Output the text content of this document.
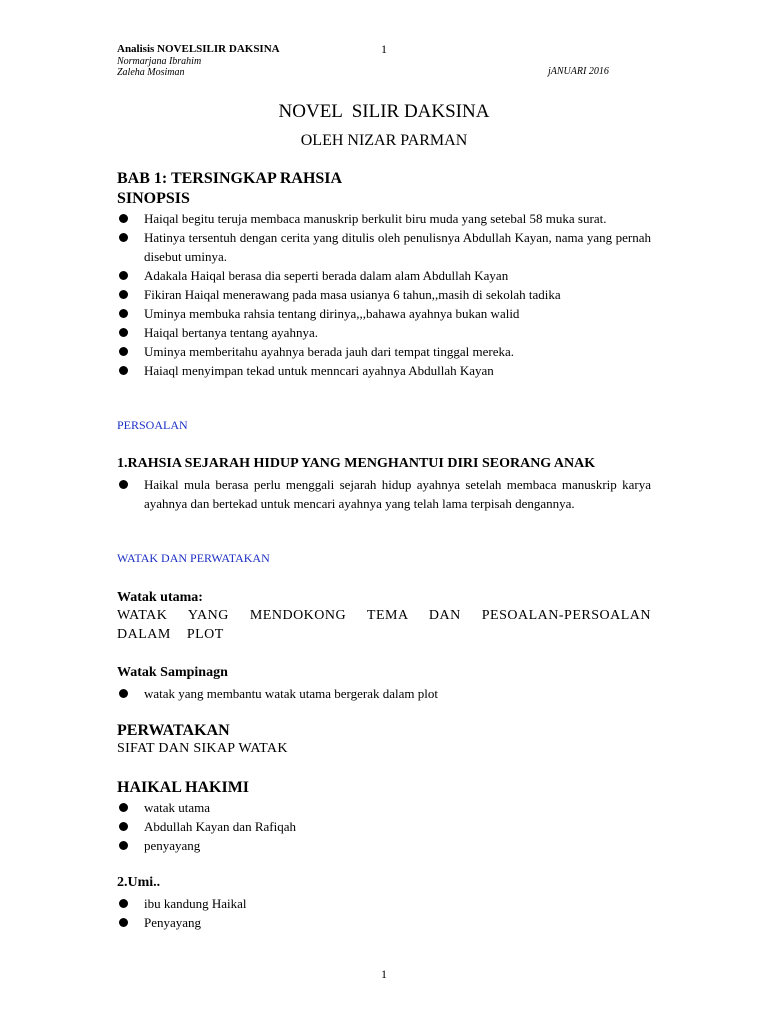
Analisis NOVELSILIR DAKSINA	1
Normarjana Ibrahim
Zaleha Mosiman	jANUARI 2016
NOVEL  SILIR DAKSINA
OLEH NIZAR PARMAN
BAB 1: TERSINGKAP RAHSIA
SINOPSIS
Haiqal begitu teruja membaca manuskrip berkulit biru muda yang setebal 58 muka surat.
Hatinya tersentuh dengan cerita yang ditulis oleh penulisnya Abdullah Kayan, nama yang pernah disebut uminya.
Adakala Haiqal berasa dia seperti berada dalam alam Abdullah Kayan
Fikiran Haiqal menerawang pada masa usianya 6 tahun,,masih di sekolah tadika
Uminya membuka rahsia tentang dirinya,,,bahawa ayahnya bukan walid
Haiqal bertanya tentang ayahnya.
Uminya memberitahu ayahnya berada jauh dari tempat tinggal mereka.
Haiaql menyimpan tekad untuk menncari ayahnya Abdullah Kayan
PERSOALAN
1.RAHSIA SEJARAH HIDUP YANG MENGHANTUI DIRI SEORANG ANAK
Haikal mula berasa perlu menggali sejarah hidup ayahnya setelah membaca manuskrip karya ayahnya dan bertekad untuk mencari ayahnya yang telah lama terpisah dengannya.
WATAK DAN PERWATAKAN
Watak utama:
WATAK YANG MENDOKONG TEMA DAN PESOALAN-PERSOALAN
DALAM  PLOT
Watak Sampinagn
watak yang membantu watak utama bergerak dalam plot
PERWATAKAN
SIFAT DAN SIKAP WATAK
HAIKAL HAKIMI
watak utama
Abdullah Kayan dan Rafiqah
penyayang
2.Umi..
ibu kandung Haikal
Penyayang
1
